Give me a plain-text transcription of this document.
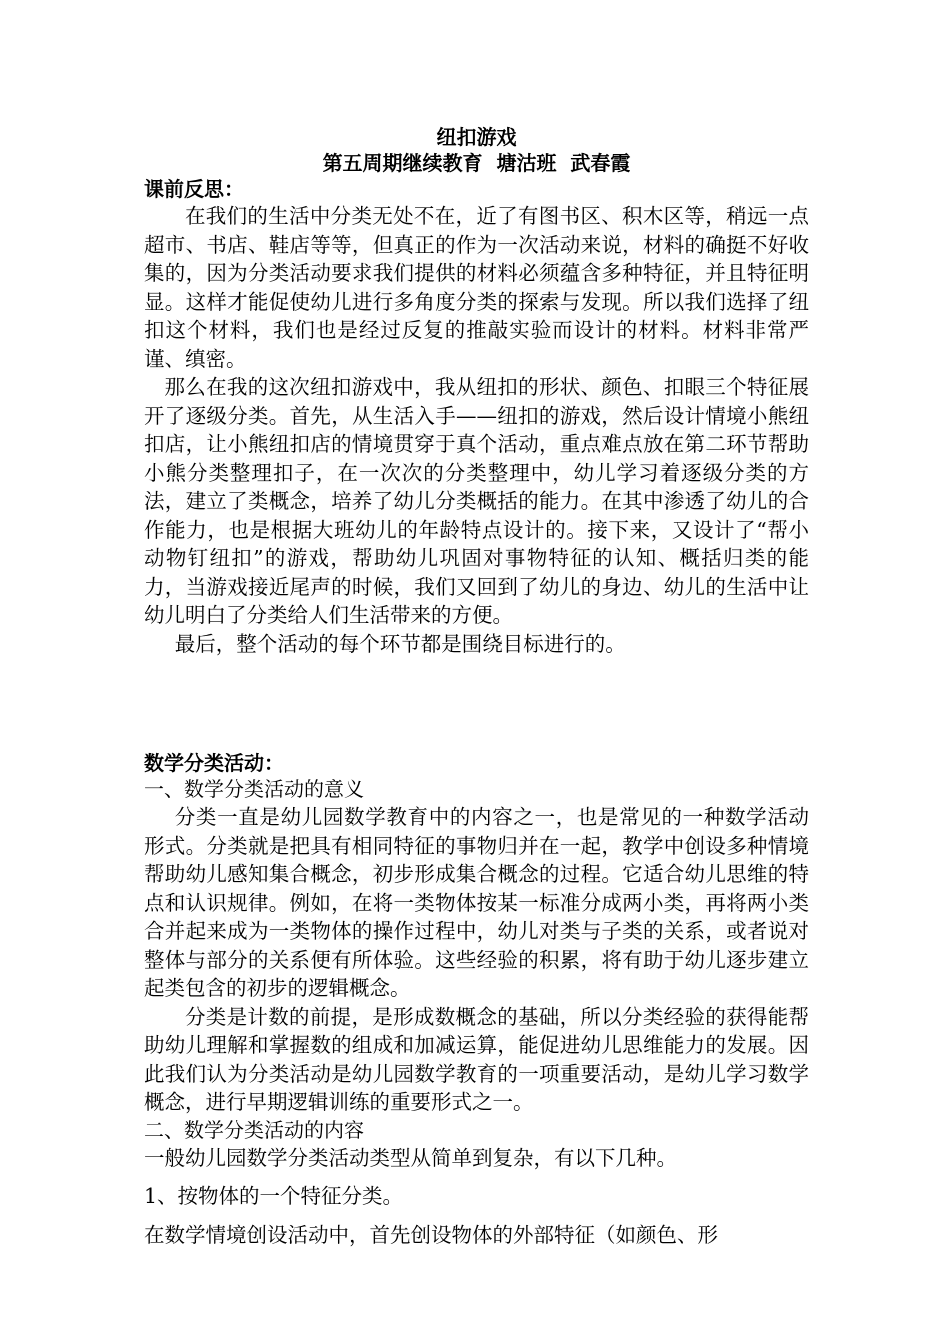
纽扣游戏

第五周期继续教育  塘沽班  武春霞

课前反思：

在我们的生活中分类无处不在，近了有图书区、积木区等，稍远一点超市、书店、鞋店等等，但真正的作为一次活动来说，材料的确挺不好收集的，因为分类活动要求我们提供的材料必须蕴含多种特征，并且特征明显。这样才能促使幼儿进行多角度分类的探索与发现。所以我们选择了纽扣这个材料，我们也是经过反复的推敲实验而设计的材料。材料非常严谨、缜密。

那么在我的这次纽扣游戏中，我从纽扣的形状、颜色、扣眼三个特征展开了逐级分类。首先，从生活入手——纽扣的游戏，然后设计情境小熊纽扣店，让小熊纽扣店的情境贯穿于真个活动，重点难点放在第二环节帮助小熊分类整理扣子，在一次次的分类整理中，幼儿学习着逐级分类的方法，建立了类概念，培养了幼儿分类概括的能力。在其中渗透了幼儿的合作能力，也是根据大班幼儿的年龄特点设计的。接下来，又设计了“帮小动物钉纽扣”的游戏，帮助幼儿巩固对事物特征的认知、概括归类的能力，当游戏接近尾声的时候，我们又回到了幼儿的身边、幼儿的生活中让幼儿明白了分类给人们生活带来的方便。

最后，整个活动的每个环节都是围绕目标进行的。

数学分类活动：

一、数学分类活动的意义

分类一直是幼儿园数学教育中的内容之一，也是常见的一种数学活动形式。分类就是把具有相同特征的事物归并在一起，教学中创设多种情境帮助幼儿感知集合概念，初步形成集合概念的过程。它适合幼儿思维的特点和认识规律。例如，在将一类物体按某一标准分成两小类，再将两小类合并起来成为一类物体的操作过程中，幼儿对类与子类的关系，或者说对整体与部分的关系便有所体验。这些经验的积累，将有助于幼儿逐步建立起类包含的初步的逻辑概念。

分类是计数的前提，是形成数概念的基础，所以分类经验的获得能帮助幼儿理解和掌握数的组成和加减运算，能促进幼儿思维能力的发展。因此我们认为分类活动是幼儿园数学教育的一项重要活动，是幼儿学习数学概念，进行早期逻辑训练的重要形式之一。

二、数学分类活动的内容

一般幼儿园数学分类活动类型从简单到复杂，有以下几种。

1、按物体的一个特征分类。

在数学情境创设活动中，首先创设物体的外部特征（如颜色、形
